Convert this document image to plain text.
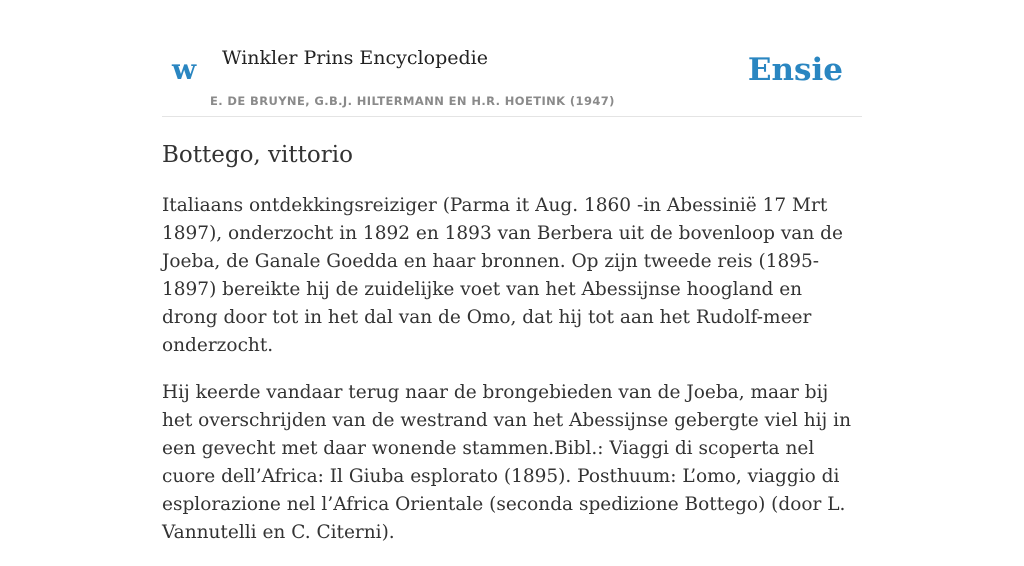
w Winkler Prins Encyclopedie
E. DE BRUYNE, G.B.J. HILTERMANN EN H.R. HOETINK (1947)
Ensie
Bottego, vittorio

Italiaans ontdekkingsreiziger (Parma it Aug. 1860 -in Abessinië 17 Mrt 1897), onderzocht in 1892 en 1893 van Berbera uit de bovenloop van de Joeba, de Ganale Goedda en haar bronnen. Op zijn tweede reis (1895-1897) bereikte hij de zuidelijke voet van het Abessijnse hoogland en drong door tot in het dal van de Omo, dat hij tot aan het Rudolf-meer onderzocht.

Hij keerde vandaar terug naar de brongebieden van de Joeba, maar bij het overschrijden van de westrand van het Abessijnse gebergte viel hij in een gevecht met daar wonende stammen.Bibl.: Viaggi di scoperta nel cuore dell’Africa: Il Giuba esplorato (1895). Posthuum: L’omo, viaggio di esplorazione nel l’Africa Orientale (seconda spedizione Bottego) (door L. Vannutelli en C. Citerni).
